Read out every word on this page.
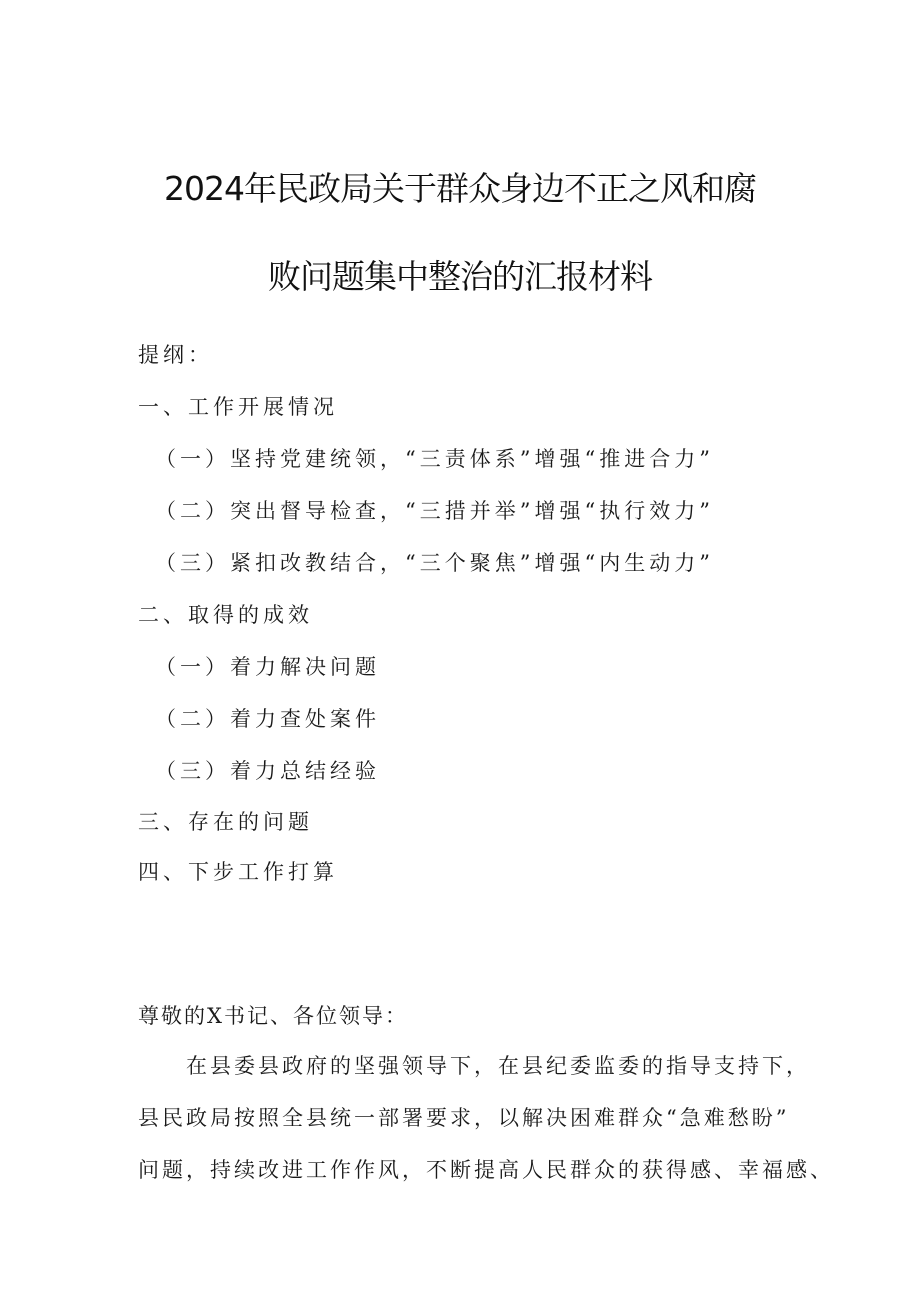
2024年民政局关于群众身边不正之风和腐
败问题集中整治的汇报材料
提纲：
一、工作开展情况
（一）坚持党建统领，“三责体系”增强“推进合力”
（二）突出督导检查，“三措并举”增强“执行效力”
（三）紧扣改教结合，“三个聚焦”增强“内生动力”
二、取得的成效
（一）着力解决问题
（二）着力查处案件
（三）着力总结经验
三、存在的问题
四、下步工作打算
尊敬的X书记、各位领导：
在县委县政府的坚强领导下，在县纪委监委的指导支持下，
县民政局按照全县统一部署要求，以解决困难群众“急难愁盼”
问题，持续改进工作作风，不断提高人民群众的获得感、幸福感、
